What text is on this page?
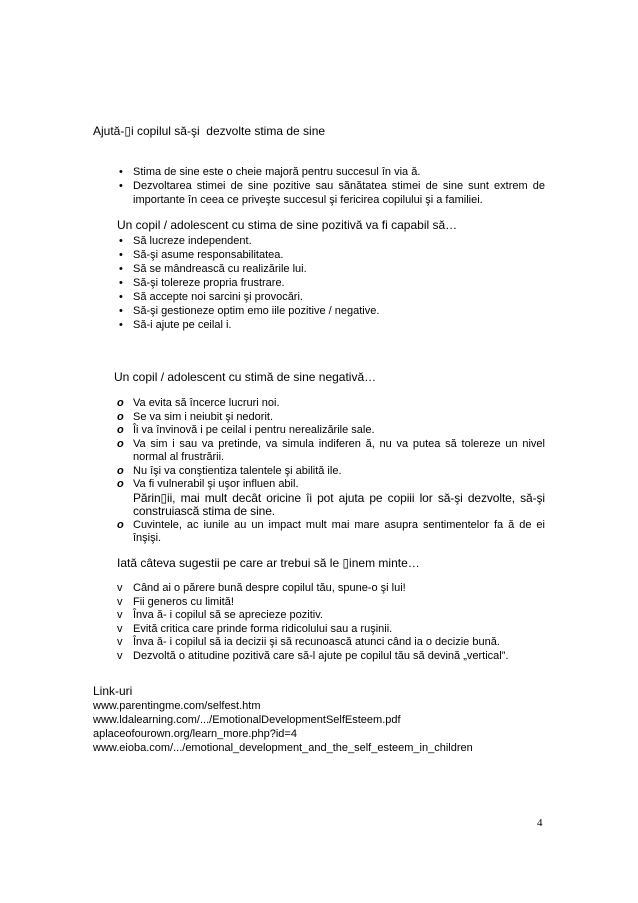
Ajută-▯i copilul să-şi  dezvolte stima de sine
• Stima de sine este o cheie majoră pentru succesul în via ă.
• Dezvoltarea stimei de sine pozitive sau sănătatea stimei de sine sunt extrem de importante în ceea ce priveşte succesul şi fericirea copilului şi a familiei.
Un copil / adolescent cu stima de sine pozitivă va fi capabil să…
• Să lucreze independent.
• Să-şi asume responsabilitatea.
• Să se mândrească cu realizările lui.
• Să-şi tolereze propria frustrare.
• Să accepte noi sarcini şi provocări.
• Să-şi gestioneze optim emo iile pozitive / negative.
• Să-i ajute pe ceilal i.
Un copil / adolescent cu stimă de sine negativă…
o Va evita să încerce lucruri noi.
o Se va sim i neiubit şi nedorit.
o Îi va învinovă i pe ceilal i pentru nerealizările sale.
o Va sim i sau va pretinde, va simula indiferen ă, nu va putea să tolereze un nivel normal al frustrării.
o Nu îşi va conştientiza talentele şi abilită ile.
o Va fi vulnerabil şi uşor influen abil.
Părin▯ii, mai mult decât oricine îi pot ajuta pe copiii lor să-şi dezvolte, să-şi construiască stima de sine.
o Cuvintele, ac iunile au un impact mult mai mare asupra sentimentelor fa ă de ei înşişi.
Iată câteva sugestii pe care ar trebui să le ▯inem minte…
v Când ai o părere bună despre copilul tău, spune-o şi lui!
v Fii generos cu limită!
v Înva ă- i copilul să se aprecieze pozitiv.
v Evită critica care prinde forma ridicolului sau a ruşinii.
v Înva ă- i copilul să ia decizii şi să recunoască atunci când ia o decizie bună.
v Dezvoltă o atitudine pozitivă care să-l ajute pe copilul tău să devină „vertical”.
Link-uri
www.parentingme.com/selfest.htm
www.ldalearning.com/.../EmotionalDevelopmentSelfEsteem.pdf
aplaceofourown.org/learn_more.php?id=4
www.eioba.com/.../emotional_development_and_the_self_esteem_in_children
4
